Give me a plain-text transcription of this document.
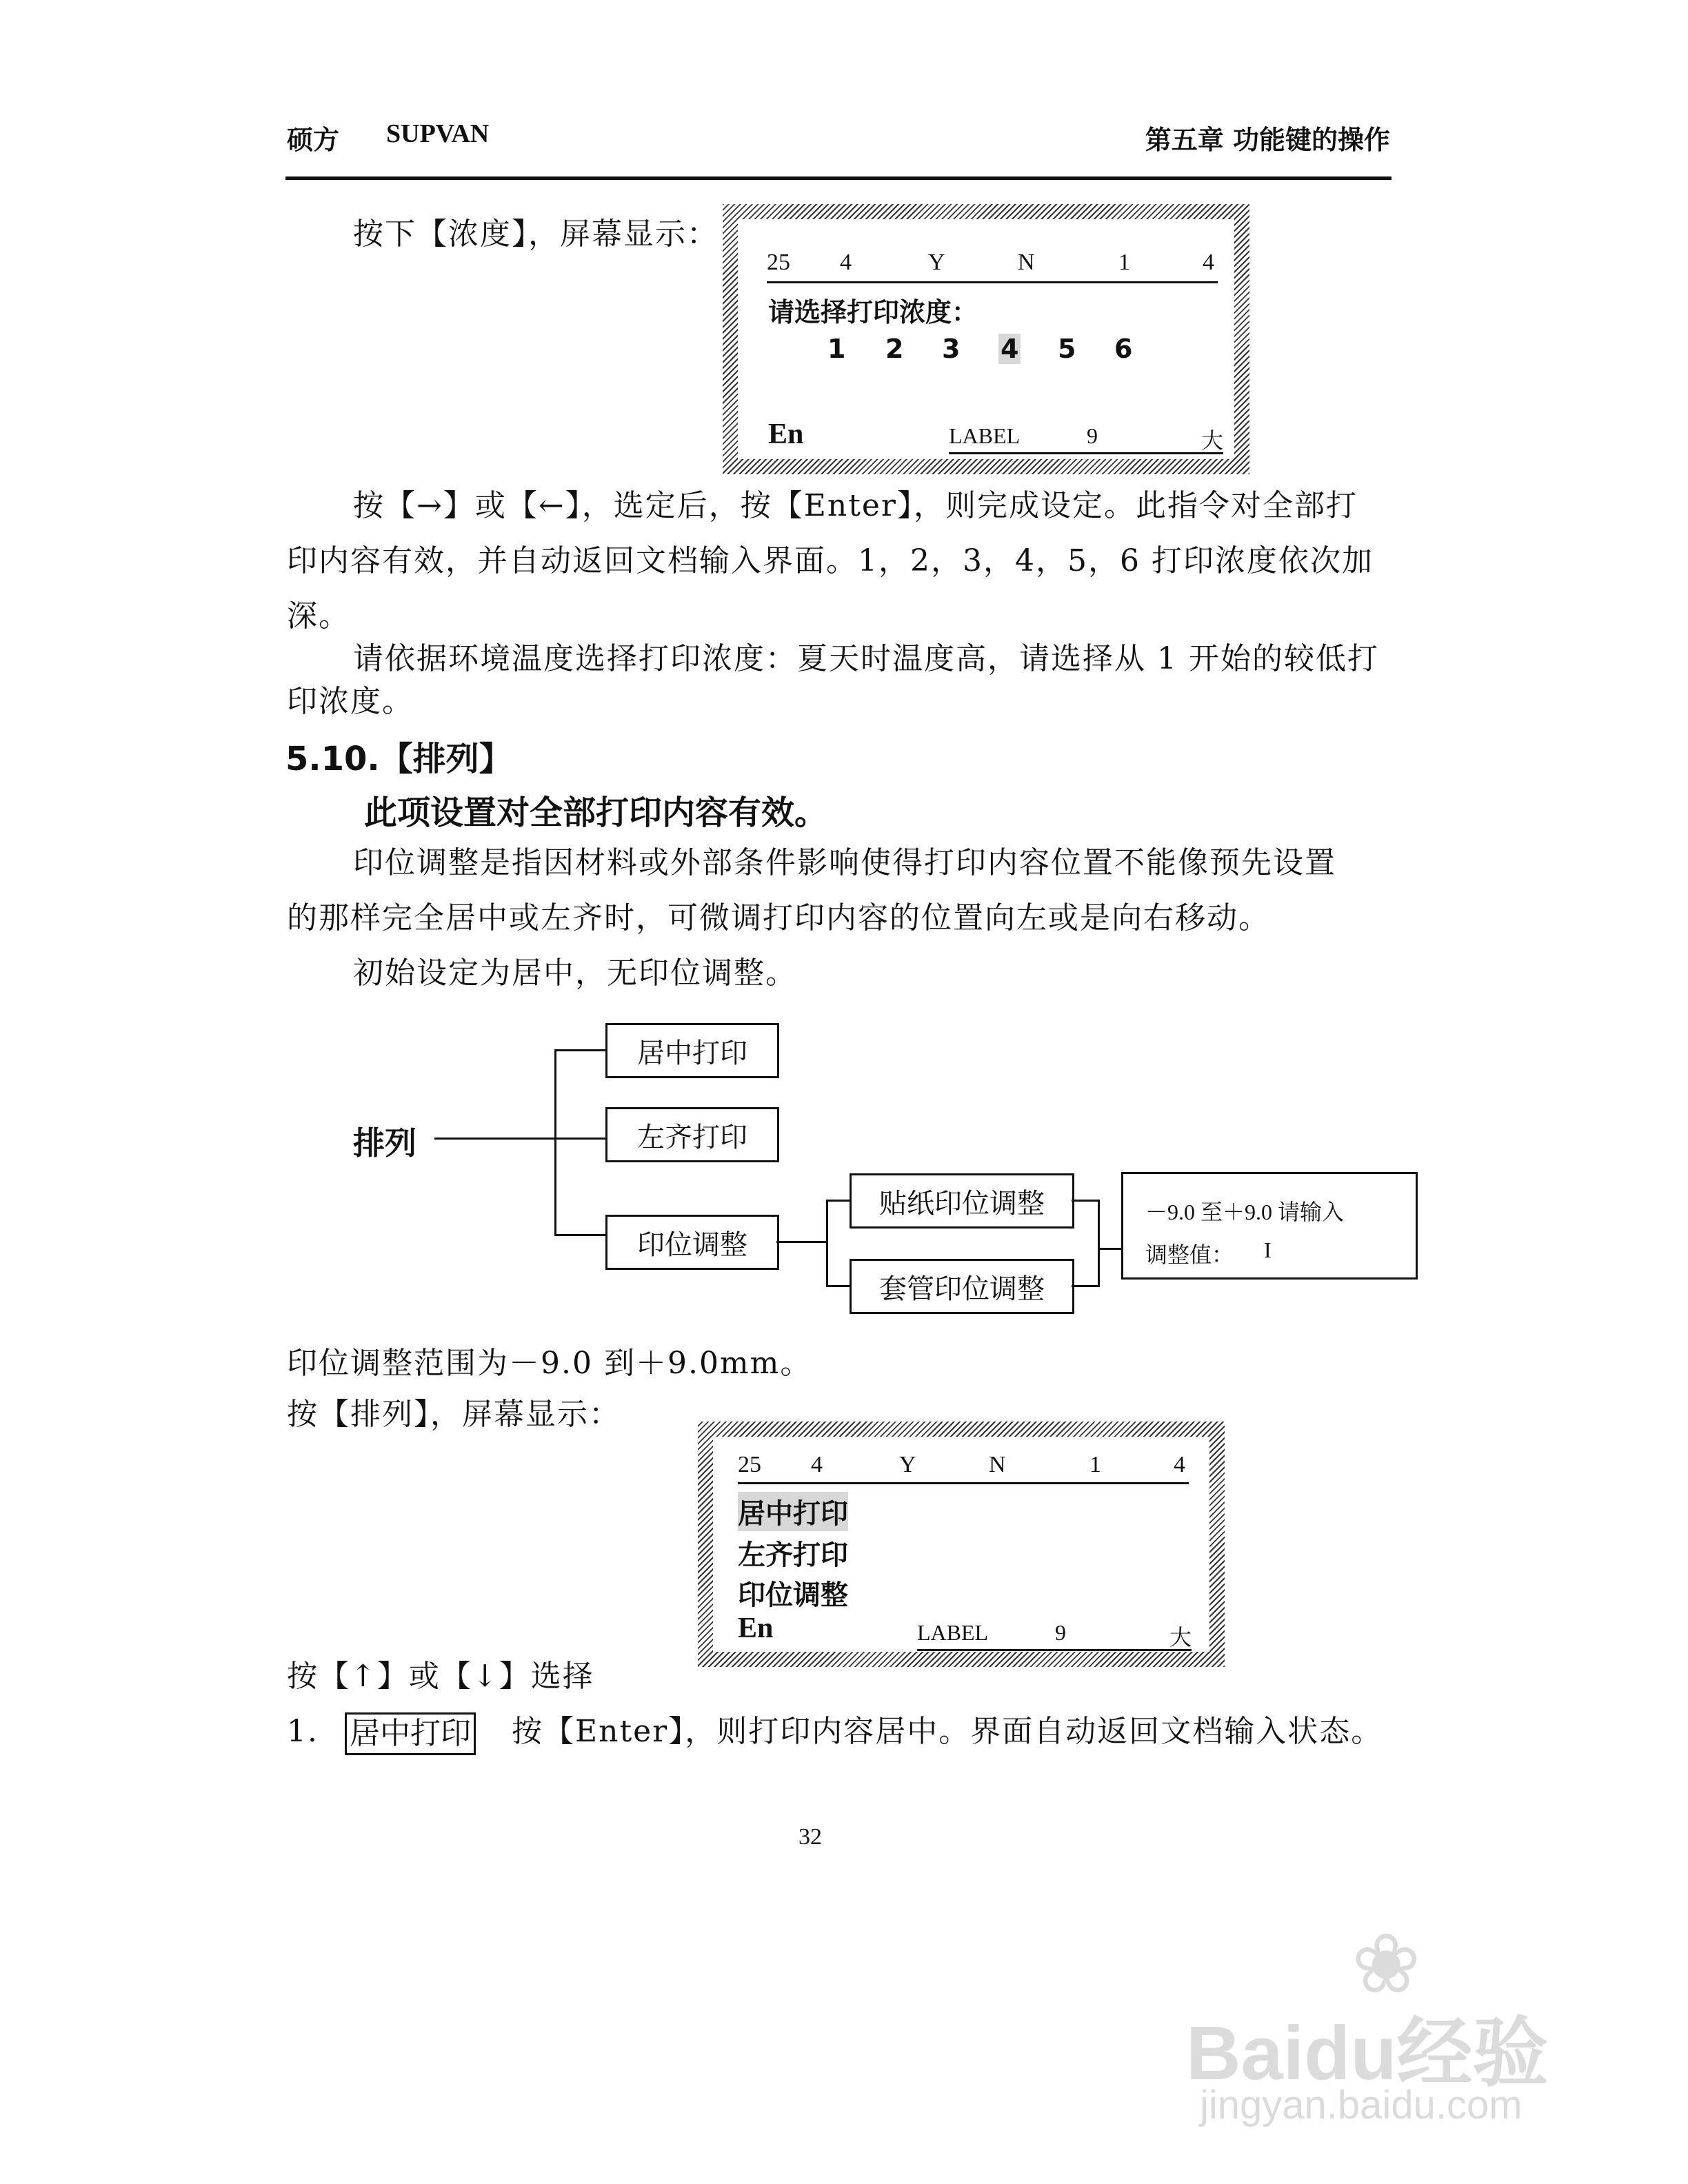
硕方 SUPVAN	第五章 功能键的操作
按下【浓度】，屏幕显示：
25 4	Y	N	1	4
请选择打印浓度：
1 2 3 4 5 6
En	LABEL	9	大
按【→】或【←】，选定后，按【Enter】，则完成设定。此指令对全部打
印内容有效，并自动返回文档输入界面。1，2，3，4，5，6 打印浓度依次加
深。
请依据环境温度选择打印浓度：夏天时温度高，请选择从 1 开始的较低打
印浓度。
5.10.【排列】
此项设置对全部打印内容有效。
印位调整是指因材料或外部条件影响使得打印内容位置不能像预先设置
的那样完全居中或左齐时，可微调打印内容的位置向左或是向右移动。
初始设定为居中，无印位调整。
排列
居中打印
左齐打印
印位调整
贴纸印位调整
套管印位调整
－9.0 至＋9.0 请输入
调整值： I
印位调整范围为－9.0 到＋9.0mm。
按【排列】，屏幕显示：
25 4	Y	N	1	4
居中打印
左齐打印
印位调整
En	LABEL	9	大
按【↑】或【↓】选择
1. 居中打印 按【Enter】，则打印内容居中。界面自动返回文档输入状态。
32
❀
Baidu经验
jingyan.baidu.com
